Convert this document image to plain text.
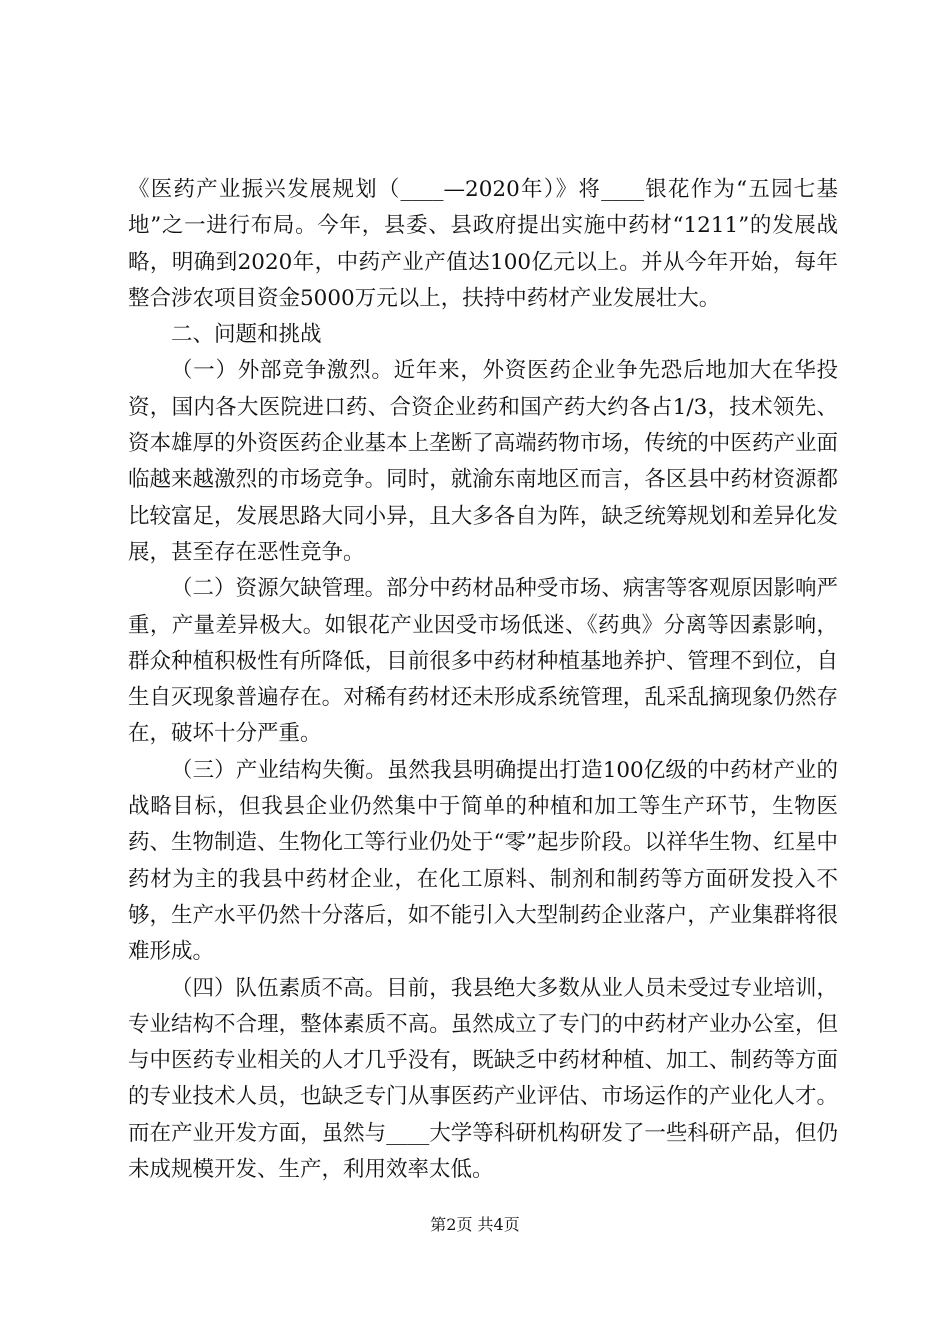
《医药产业振兴发展规划（____—2020年）》将____银花作为“五园七基地”之一进行布局。今年，县委、县政府提出实施中药材“1211”的发展战略，明确到2020年，中药产业产值达100亿元以上。并从今年开始，每年整合涉农项目资金5000万元以上，扶持中药材产业发展壮大。

二、问题和挑战

（一）外部竞争激烈。近年来，外资医药企业争先恐后地加大在华投资，国内各大医院进口药、合资企业药和国产药大约各占1/3，技术领先、资本雄厚的外资医药企业基本上垄断了高端药物市场，传统的中医药产业面临越来越激烈的市场竞争。同时，就渝东南地区而言，各区县中药材资源都比较富足，发展思路大同小异，且大多各自为阵，缺乏统筹规划和差异化发展，甚至存在恶性竞争。

（二）资源欠缺管理。部分中药材品种受市场、病害等客观原因影响严重，产量差异极大。如银花产业因受市场低迷、《药典》分离等因素影响，群众种植积极性有所降低，目前很多中药材种植基地养护、管理不到位，自生自灭现象普遍存在。对稀有药材还未形成系统管理，乱采乱摘现象仍然存在，破坏十分严重。

（三）产业结构失衡。虽然我县明确提出打造100亿级的中药材产业的战略目标，但我县企业仍然集中于简单的种植和加工等生产环节，生物医药、生物制造、生物化工等行业仍处于“零”起步阶段。以祥华生物、红星中药材为主的我县中药材企业，在化工原料、制剂和制药等方面研发投入不够，生产水平仍然十分落后，如不能引入大型制药企业落户，产业集群将很难形成。

（四）队伍素质不高。目前，我县绝大多数从业人员未受过专业培训，专业结构不合理，整体素质不高。虽然成立了专门的中药材产业办公室，但与中医药专业相关的人才几乎没有，既缺乏中药材种植、加工、制药等方面的专业技术人员，也缺乏专门从事医药产业评估、市场运作的产业化人才。而在产业开发方面，虽然与____大学等科研机构研发了一些科研产品，但仍未成规模开发、生产，利用效率太低。

第2页 共4页
